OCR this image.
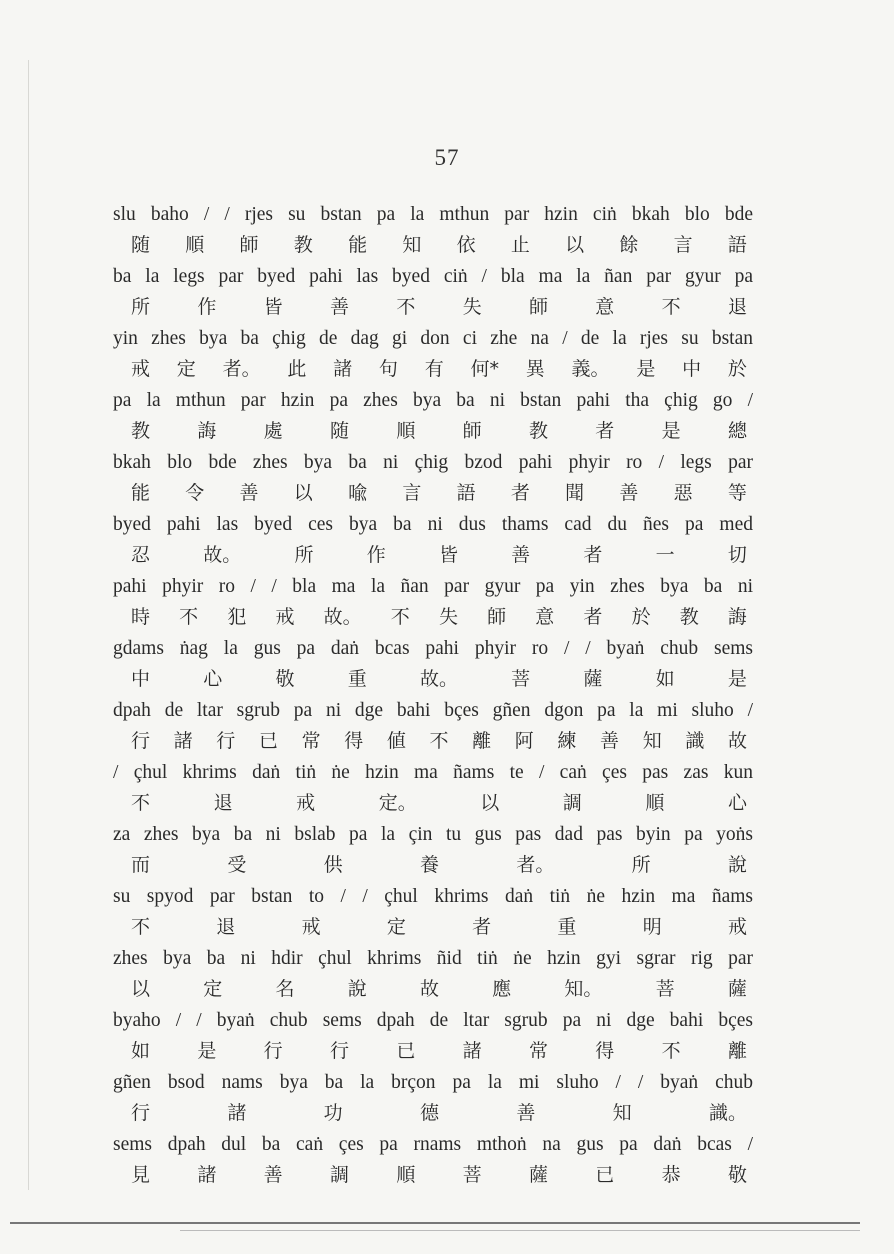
57
slu baho / / rjes su bstan pa la mthun par hzin ciṅ bkah blo bde
随 順 師 教 能 知 依 止 以 餘 言 語
ba la legs par byed pahi las byed ciṅ / bla ma la ñan par gyur pa
所 作 皆 善 不 失 師 意 不 退
yin zhes bya ba çhig de dag gi don ci zhe na / de la rjes su bstan
戒 定 者。 此 諸 句 有 何* 異 義。 是 中 於
pa la mthun par hzin pa zhes bya ba ni bstan pahi tha çhig go /
教 誨 處 随 順 師 教 者 是 總
bkah blo bde zhes bya ba ni çhig bzod pahi phyir ro / legs par
能 令 善 以 喩 言 語 者 聞 善 惡 等
byed pahi las byed ces bya ba ni dus thams cad du ñes pa med
忍	故。	所	作	皆	善	者	一	切
pahi phyir ro / / bla ma la ñan par gyur pa yin zhes bya ba ni
時 不 犯 戒 故。 不 失 師 意 者 於 教 誨
gdams ṅag la gus pa daṅ bcas pahi phyir ro / / byaṅ chub sems
中	心	敬	重	故。	菩	薩	如	是
dpah de ltar sgrub pa ni dge bahi bçes gñen dgon pa la mi sluho /
行 諸 行 已 常 得 値 不 離 阿 練 善 知 識 故
/ çhul khrims daṅ tiṅ ṅe hzin ma ñams te / caṅ çes pas zas kun
不	退	戒	定。	以	調	順	心
za zhes bya ba ni bslab pa la çin tu gus pas dad pas byin pa yoṅs
而	受	供	養	者。	所	說
su spyod par bstan to / / çhul khrims daṅ tiṅ ṅe hzin ma ñams
不	退	戒	定	者	重	明	戒
zhes bya ba ni hdir çhul khrims ñid tiṅ ṅe hzin gyi sgrar rig par
以	定	名	說	故	應	知。	菩	薩
byaho / / byaṅ chub sems dpah de ltar sgrub pa ni dge bahi bçes
如 是 行 行 已 諸 常 得 不 離
gñen bsod nams bya ba la brçon pa la mi sluho / / byaṅ chub
行	諸	功	德	善	知	識。
sems dpah dul ba caṅ çes pa rnams mthoṅ na gus pa daṅ bcas /
見 諸 善 調 順 菩 薩 已 恭 敬
